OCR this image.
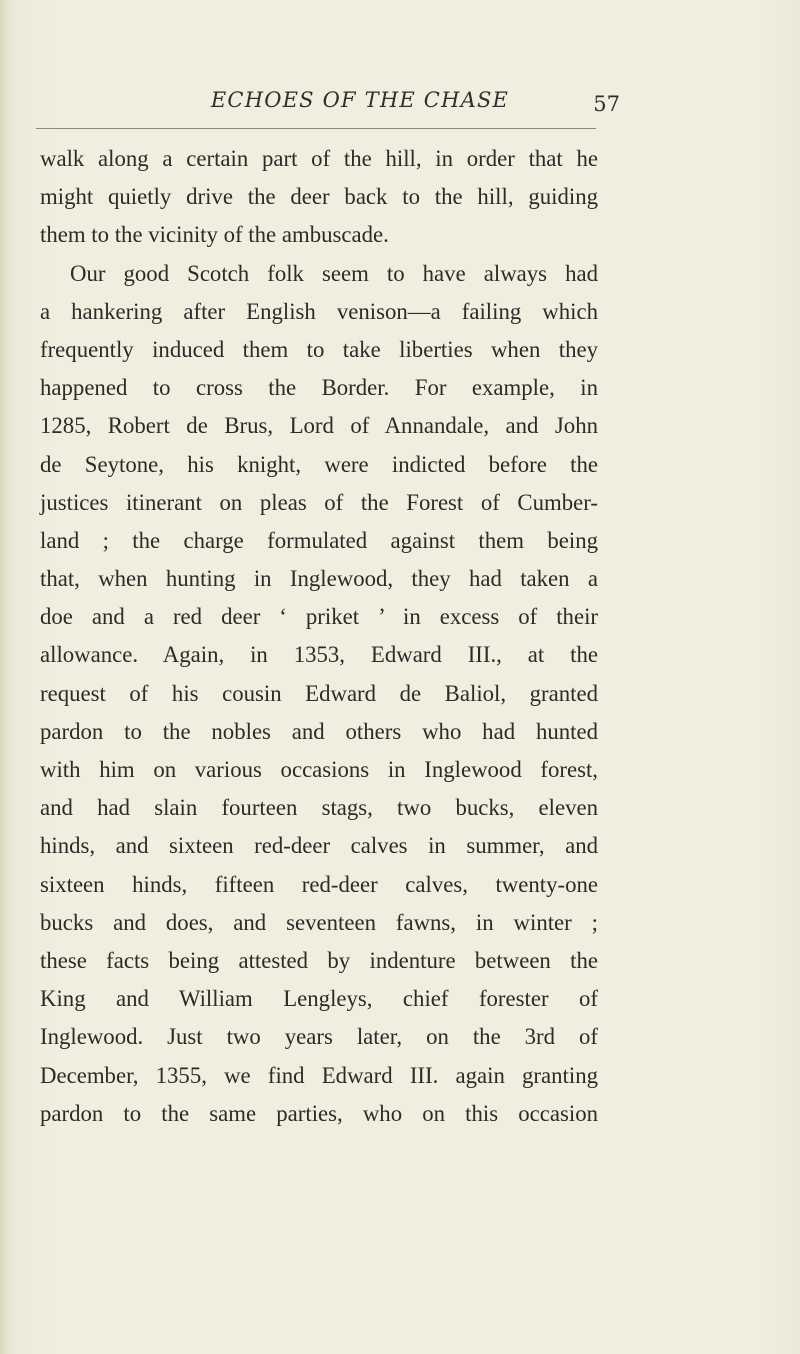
ECHOES OF THE CHASE	57
walk along a certain part of the hill, in order that he
might quietly drive the deer back to the hill, guiding
them to the vicinity of the ambuscade.
Our good Scotch folk seem to have always had
a hankering after English venison—a failing which
frequently induced them to take liberties when they
happened to cross the Border. For example, in
1285, Robert de Brus, Lord of Annandale, and John
de Seytone, his knight, were indicted before the
justices itinerant on pleas of the Forest of Cumber-
land ; the charge formulated against them being
that, when hunting in Inglewood, they had taken a
doe and a red deer ‘ priket ’ in excess of their
allowance. Again, in 1353, Edward III., at the
request of his cousin Edward de Baliol, granted
pardon to the nobles and others who had hunted
with him on various occasions in Inglewood forest,
and had slain fourteen stags, two bucks, eleven
hinds, and sixteen red-deer calves in summer, and
sixteen hinds, fifteen red-deer calves, twenty-one
bucks and does, and seventeen fawns, in winter ;
these facts being attested by indenture between the
King and William Lengleys, chief forester of
Inglewood. Just two years later, on the 3rd of
December, 1355, we find Edward III. again granting
pardon to the same parties, who on this occasion
